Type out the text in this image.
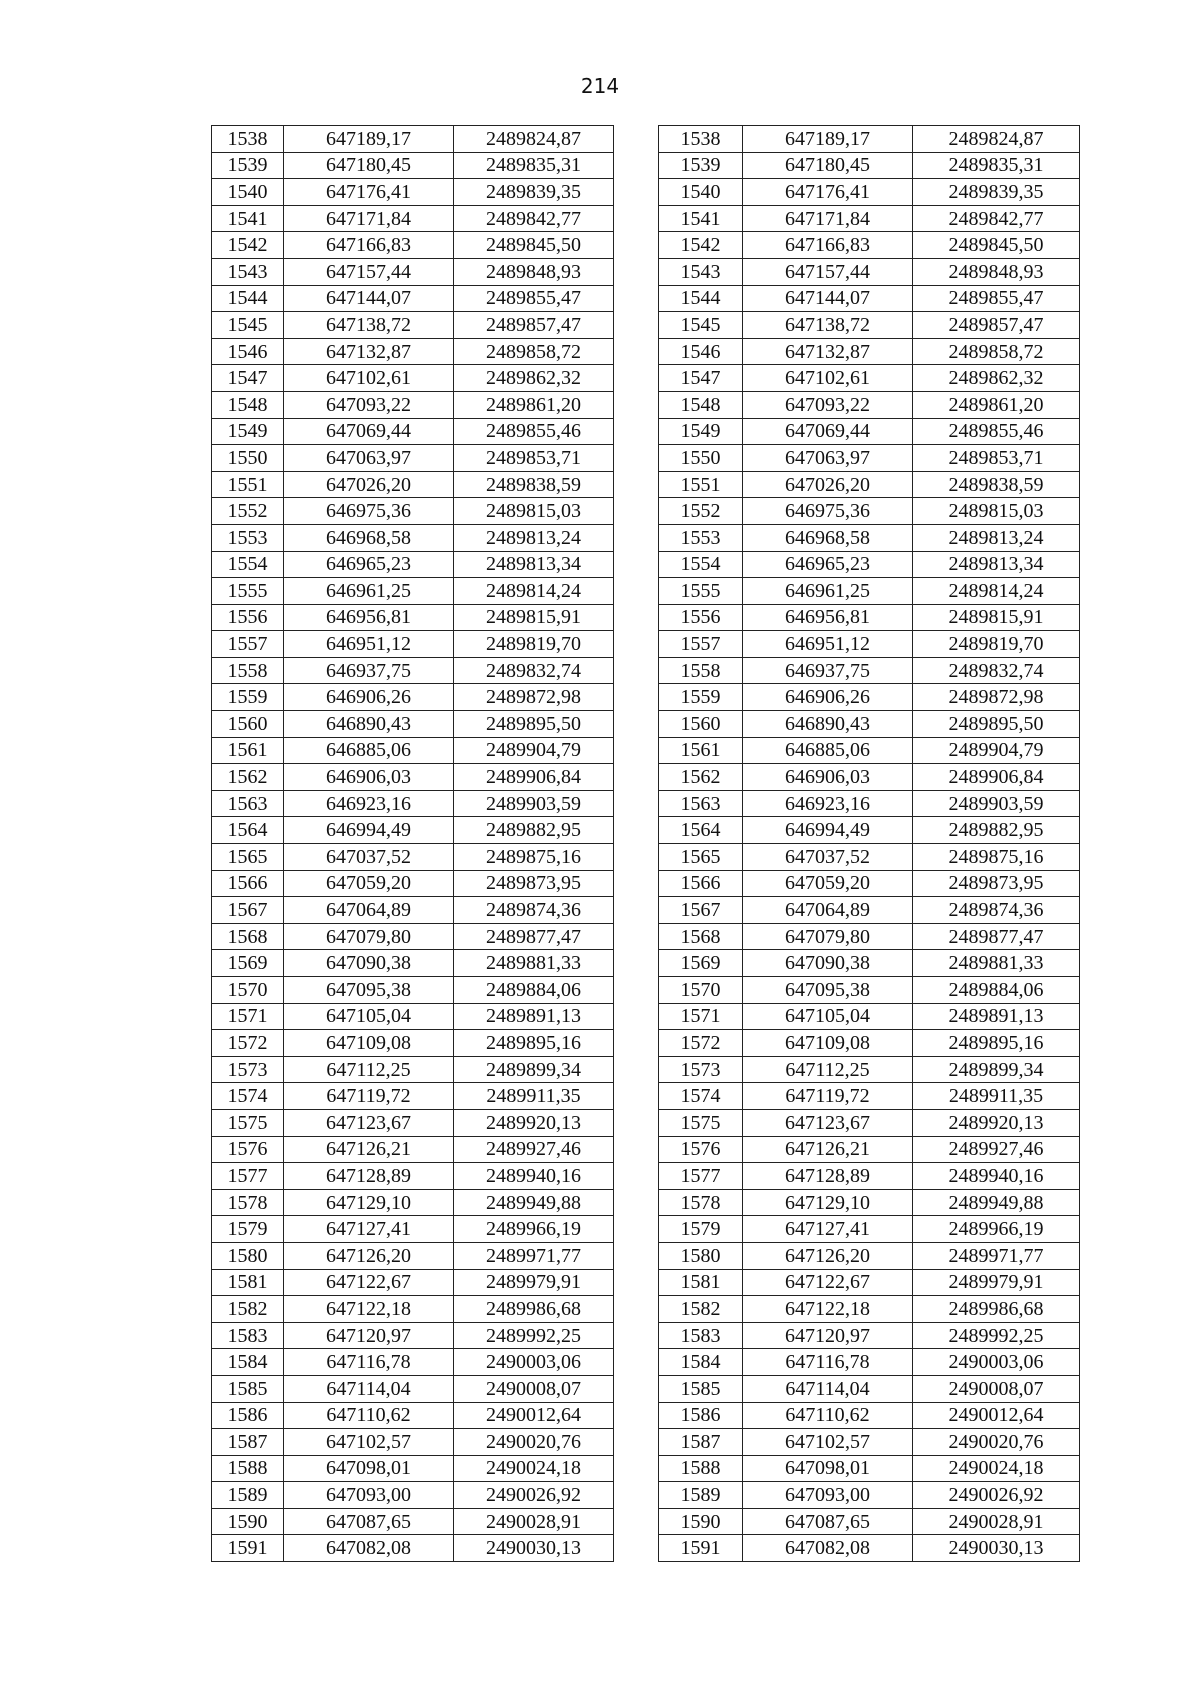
214
1538	647189,17	2489824,87		1538	647189,17	2489824,87
1539	647180,45	2489835,31		1539	647180,45	2489835,31
1540	647176,41	2489839,35		1540	647176,41	2489839,35
1541	647171,84	2489842,77		1541	647171,84	2489842,77
1542	647166,83	2489845,50		1542	647166,83	2489845,50
1543	647157,44	2489848,93		1543	647157,44	2489848,93
1544	647144,07	2489855,47		1544	647144,07	2489855,47
1545	647138,72	2489857,47		1545	647138,72	2489857,47
1546	647132,87	2489858,72		1546	647132,87	2489858,72
1547	647102,61	2489862,32		1547	647102,61	2489862,32
1548	647093,22	2489861,20		1548	647093,22	2489861,20
1549	647069,44	2489855,46		1549	647069,44	2489855,46
1550	647063,97	2489853,71		1550	647063,97	2489853,71
1551	647026,20	2489838,59		1551	647026,20	2489838,59
1552	646975,36	2489815,03		1552	646975,36	2489815,03
1553	646968,58	2489813,24		1553	646968,58	2489813,24
1554	646965,23	2489813,34		1554	646965,23	2489813,34
1555	646961,25	2489814,24		1555	646961,25	2489814,24
1556	646956,81	2489815,91		1556	646956,81	2489815,91
1557	646951,12	2489819,70		1557	646951,12	2489819,70
1558	646937,75	2489832,74		1558	646937,75	2489832,74
1559	646906,26	2489872,98		1559	646906,26	2489872,98
1560	646890,43	2489895,50		1560	646890,43	2489895,50
1561	646885,06	2489904,79		1561	646885,06	2489904,79
1562	646906,03	2489906,84		1562	646906,03	2489906,84
1563	646923,16	2489903,59		1563	646923,16	2489903,59
1564	646994,49	2489882,95		1564	646994,49	2489882,95
1565	647037,52	2489875,16		1565	647037,52	2489875,16
1566	647059,20	2489873,95		1566	647059,20	2489873,95
1567	647064,89	2489874,36		1567	647064,89	2489874,36
1568	647079,80	2489877,47		1568	647079,80	2489877,47
1569	647090,38	2489881,33		1569	647090,38	2489881,33
1570	647095,38	2489884,06		1570	647095,38	2489884,06
1571	647105,04	2489891,13		1571	647105,04	2489891,13
1572	647109,08	2489895,16		1572	647109,08	2489895,16
1573	647112,25	2489899,34		1573	647112,25	2489899,34
1574	647119,72	2489911,35		1574	647119,72	2489911,35
1575	647123,67	2489920,13		1575	647123,67	2489920,13
1576	647126,21	2489927,46		1576	647126,21	2489927,46
1577	647128,89	2489940,16		1577	647128,89	2489940,16
1578	647129,10	2489949,88		1578	647129,10	2489949,88
1579	647127,41	2489966,19		1579	647127,41	2489966,19
1580	647126,20	2489971,77		1580	647126,20	2489971,77
1581	647122,67	2489979,91		1581	647122,67	2489979,91
1582	647122,18	2489986,68		1582	647122,18	2489986,68
1583	647120,97	2489992,25		1583	647120,97	2489992,25
1584	647116,78	2490003,06		1584	647116,78	2490003,06
1585	647114,04	2490008,07		1585	647114,04	2490008,07
1586	647110,62	2490012,64		1586	647110,62	2490012,64
1587	647102,57	2490020,76		1587	647102,57	2490020,76
1588	647098,01	2490024,18		1588	647098,01	2490024,18
1589	647093,00	2490026,92		1589	647093,00	2490026,92
1590	647087,65	2490028,91		1590	647087,65	2490028,91
1591	647082,08	2490030,13		1591	647082,08	2490030,13
